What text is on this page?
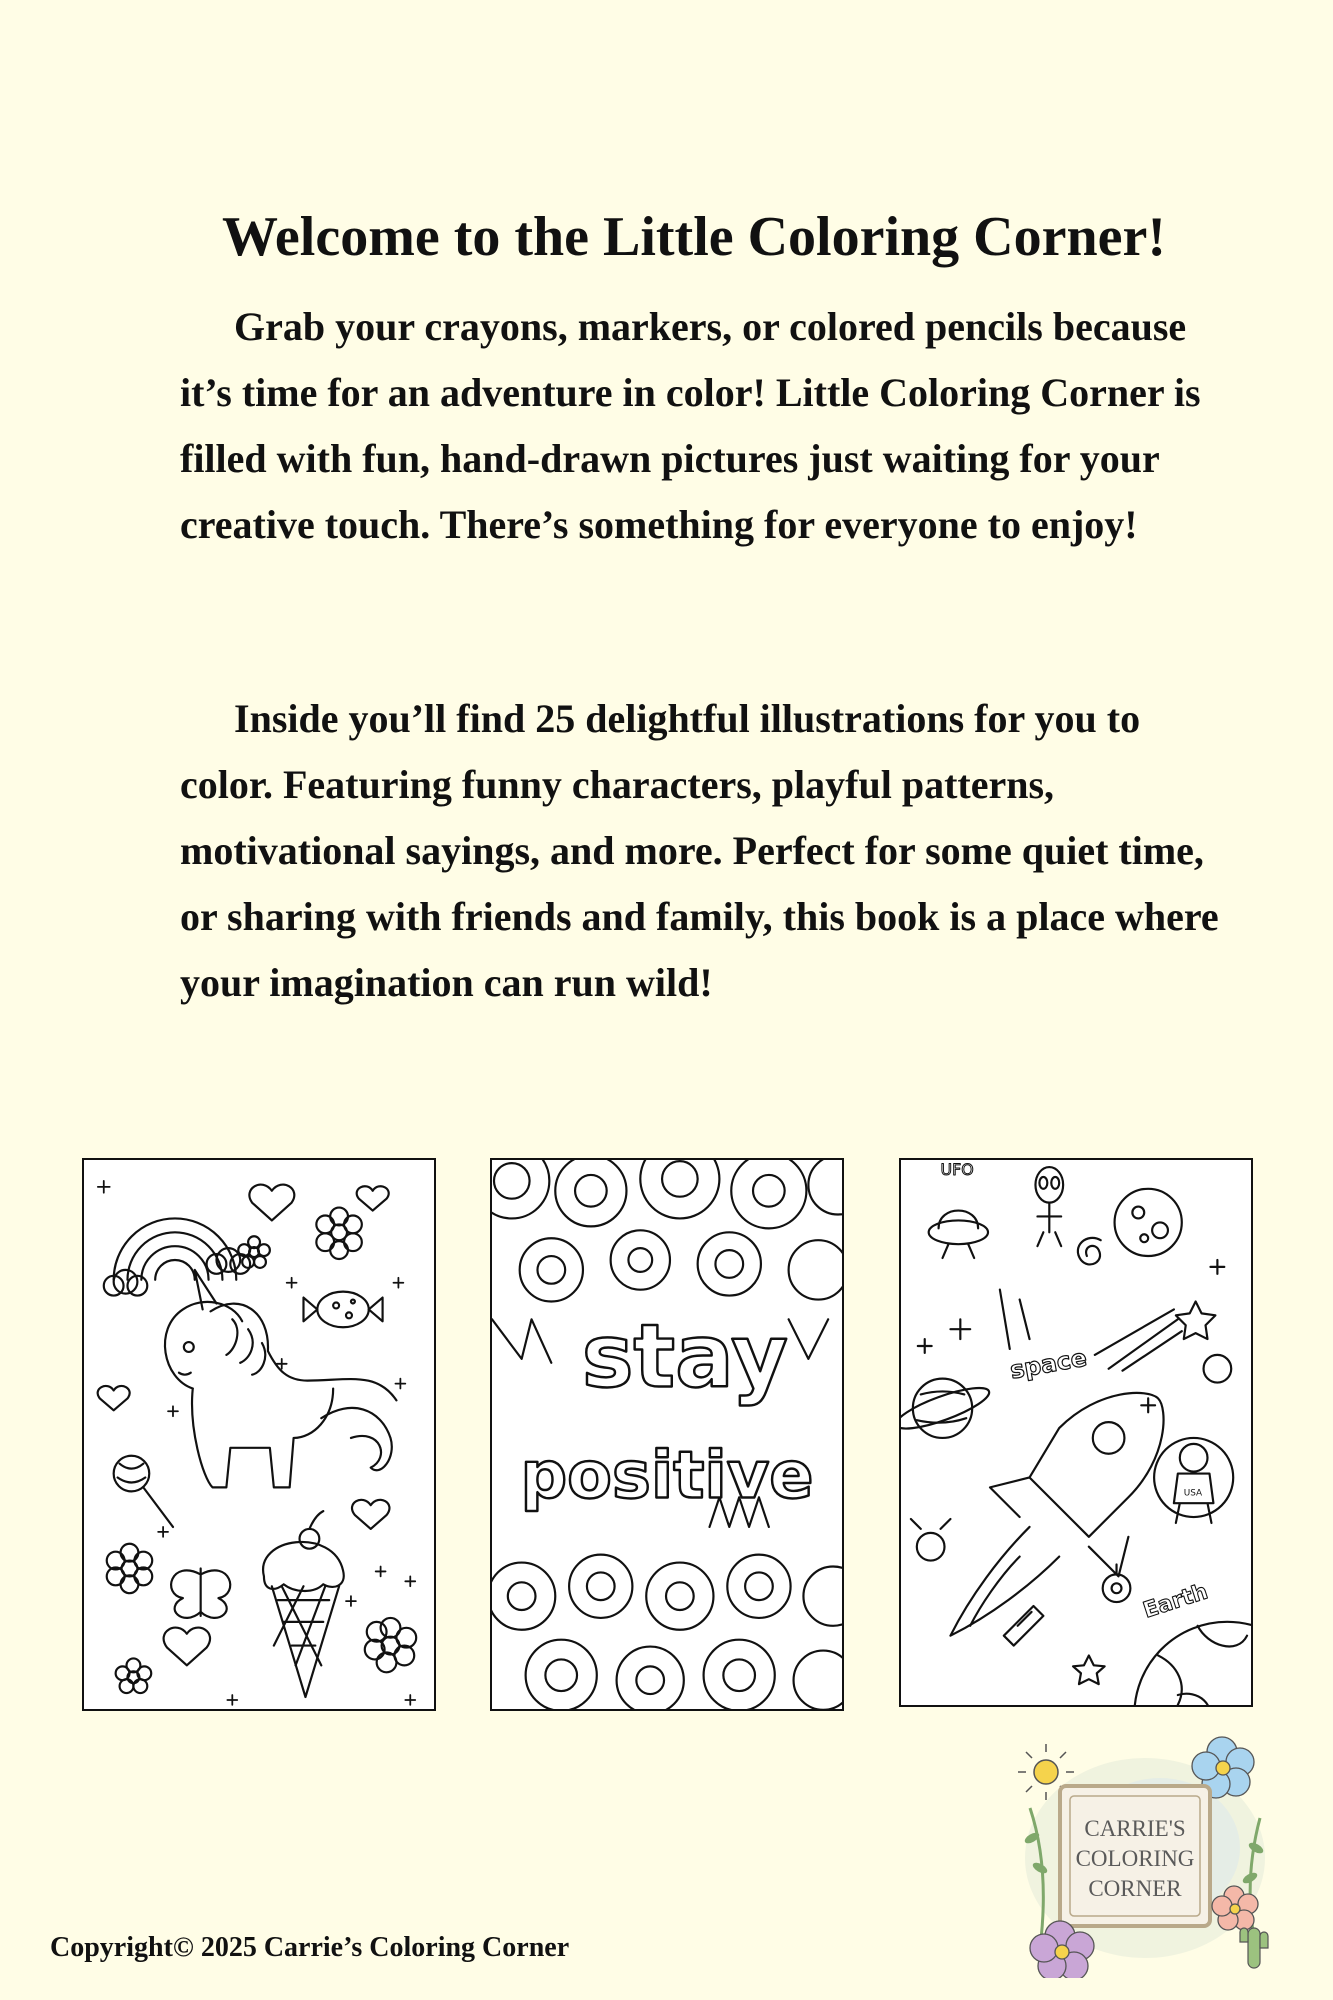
Welcome to the Little Coloring Corner!

Grab your crayons, markers, or colored pencils because it’s time for an adventure in color! Little Coloring Corner is filled with fun, hand-drawn pictures just waiting for your creative touch. There’s something for everyone to enjoy!

Inside you’ll find 25 delightful illustrations for you to color. Featuring funny characters, playful patterns, motivational sayings, and more. Perfect for some quiet time, or sharing with friends and family, this book is a place where your imagination can run wild!

stay
positive
UFO
space
USA
Earth
Copyright© 2025 Carrie’s Coloring Corner
CARRIE'S
COLORING
CORNER
